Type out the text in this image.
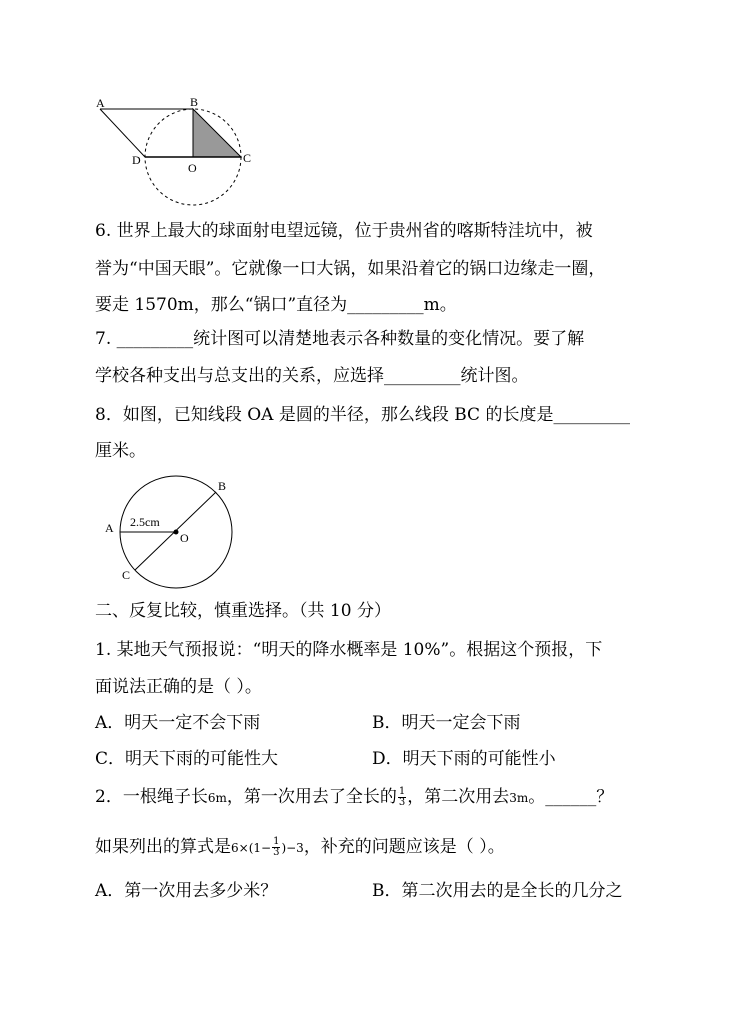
A	B
C
D
O
6. 世界上最大的球面射电望远镜，位于贵州省的喀斯特洼坑中，被
誉为“中国天眼”。它就像一口大锅，如果沿着它的锅口边缘走一圈，
要走 1570m，那么“锅口”直径为_________m。
7. _________统计图可以清楚地表示各种数量的变化情况。要了解
学校各种支出与总支出的关系，应选择_________统计图。
8．如图，已知线段 OA 是圆的半径，那么线段 BC 的长度是_________
厘米。
A
B
C
O
2.5cm
二、反复比较，慎重选择。（共 10 分）
1. 某地天气预报说：“明天的降水概率是 10%”。根据这个预报，下
面说法正确的是（ ）。
A．明天一定不会下雨	B．明天一定会下雨
C．明天下雨的可能性大	D．明天下雨的可能性小
2．一根绳子长6m，第一次用去了全长的 $\frac{1}{3}$ ，第二次用去3m。______？
如果列出的算式是$6\times(1- \frac{1}{3} )-3$，补充的问题应该是（ ）。
A．第一次用去多少米？	B．第二次用去的是全长的几分之
